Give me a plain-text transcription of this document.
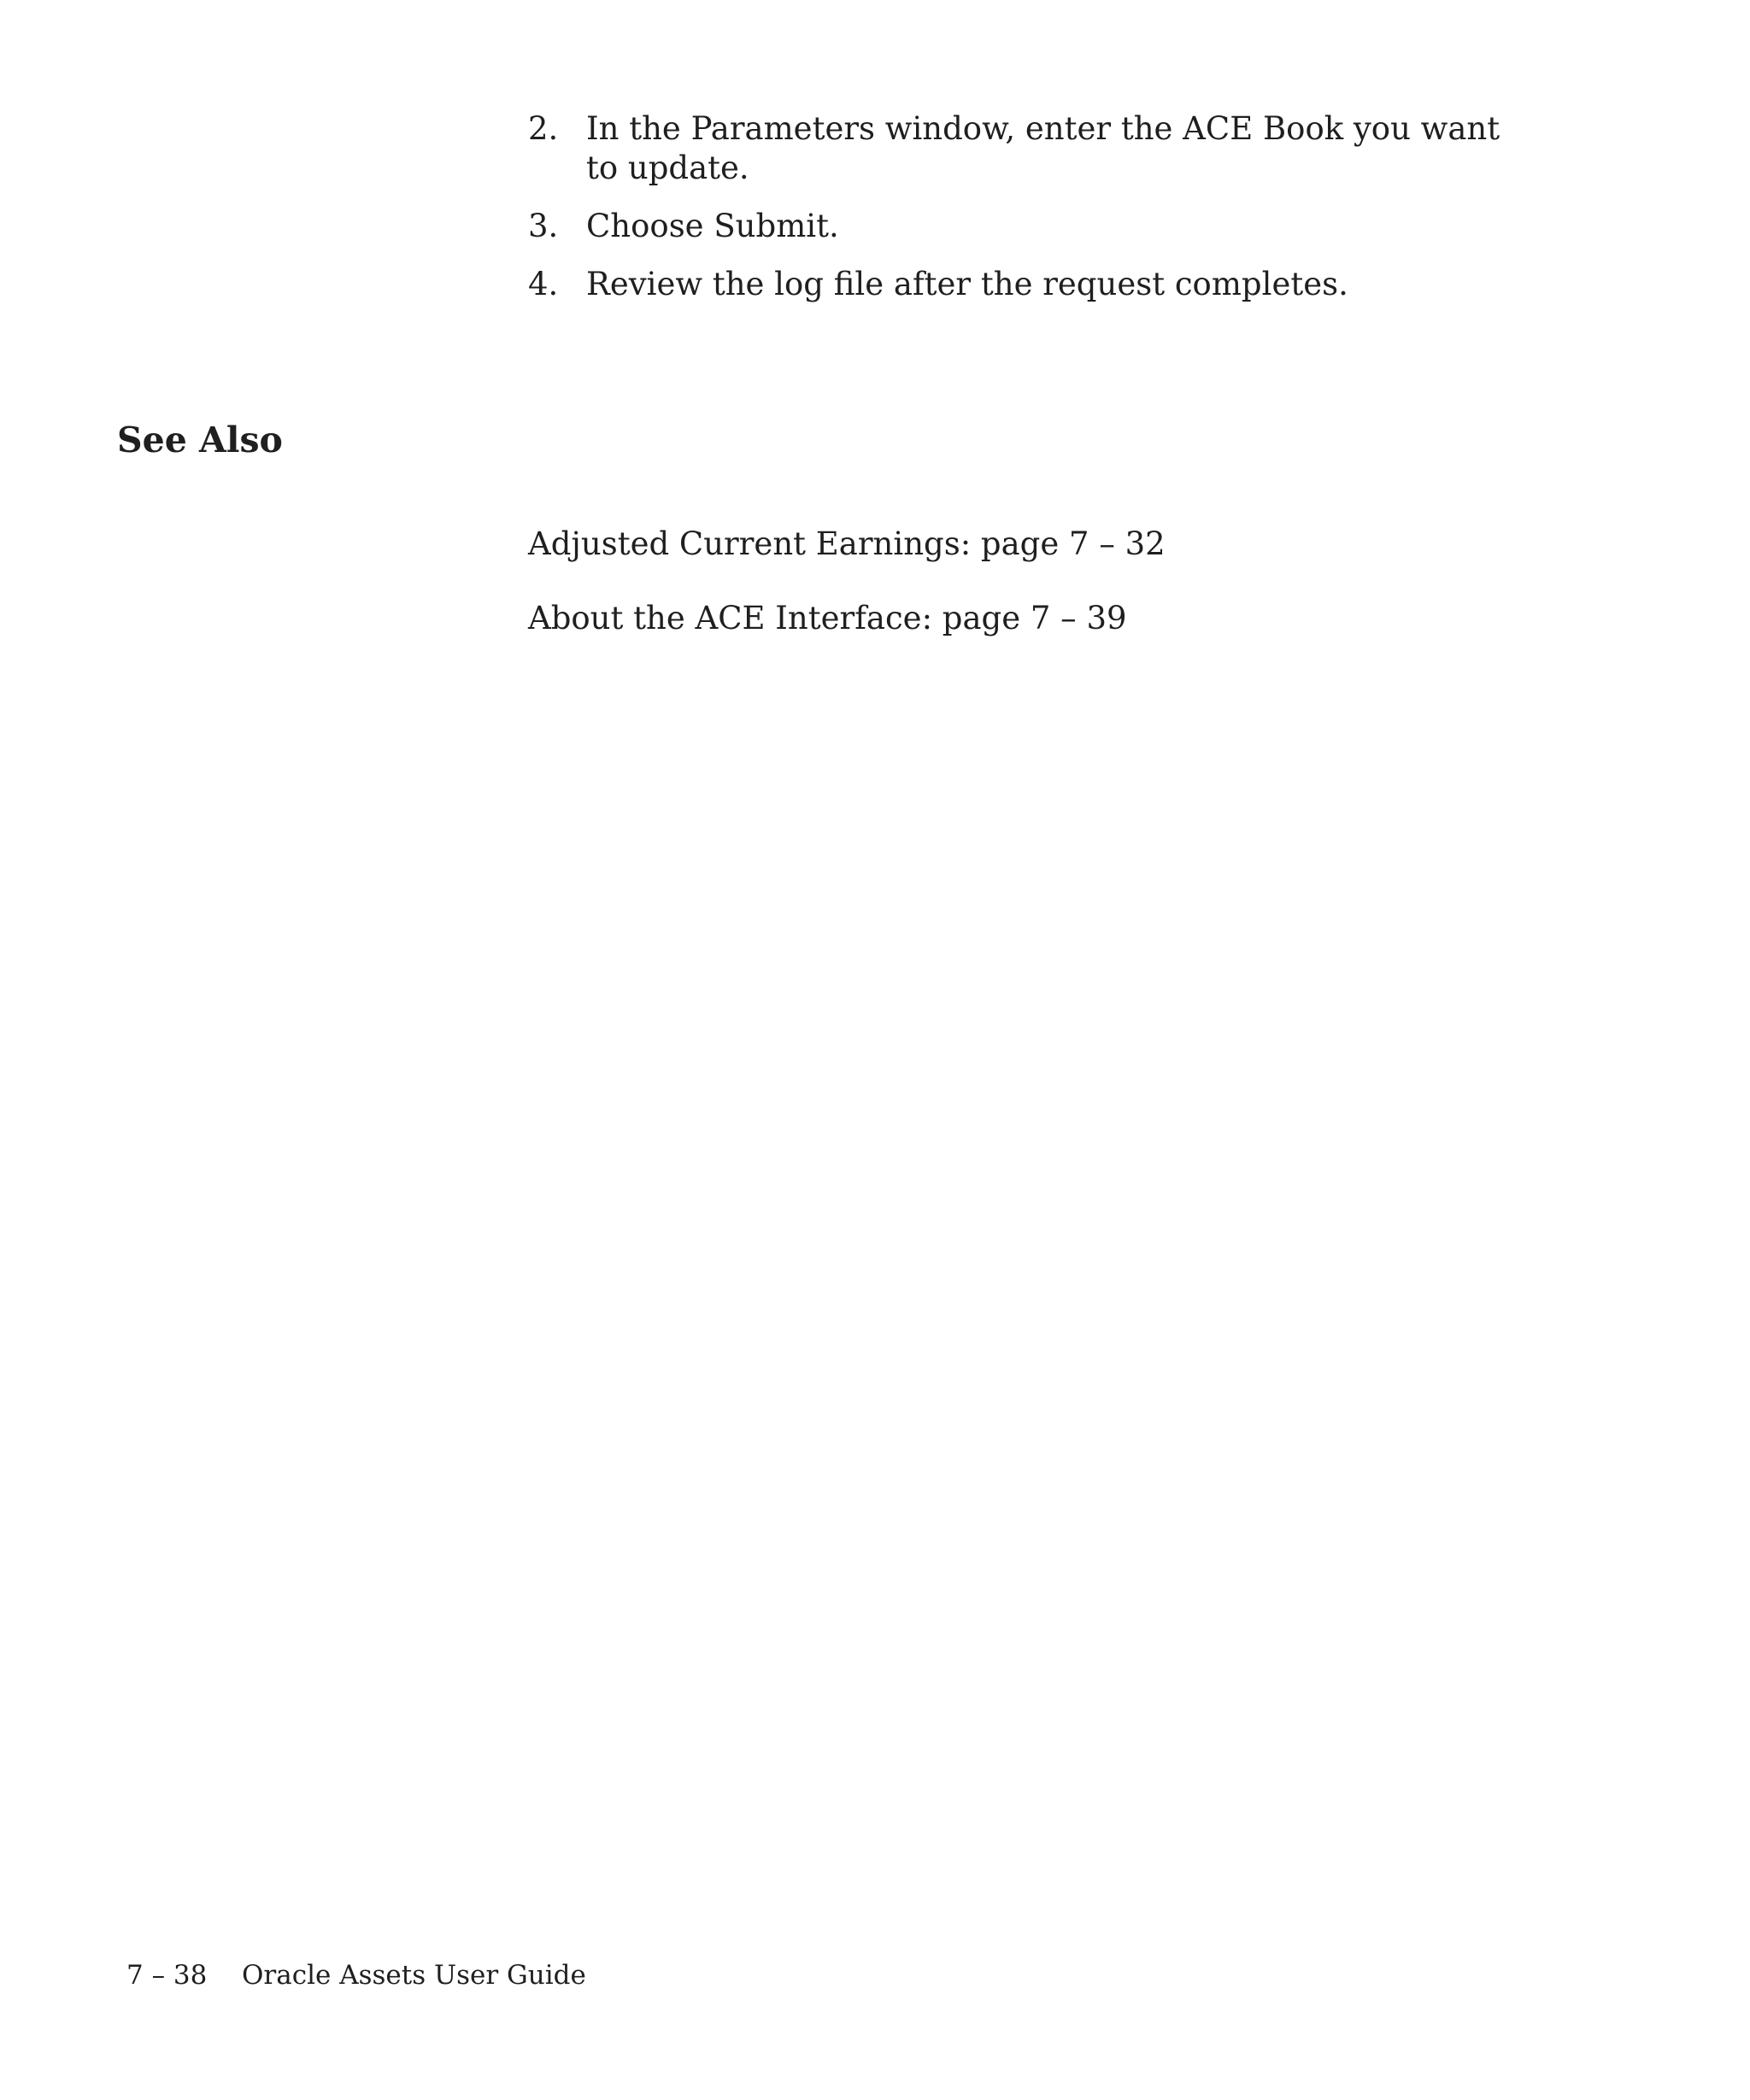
2. In the Parameters window, enter the ACE Book you want to update.
3. Choose Submit.
4. Review the log file after the request completes.
See Also
Adjusted Current Earnings: page 7 – 32
About the ACE Interface: page 7 – 39
7 – 38 Oracle Assets User Guide
